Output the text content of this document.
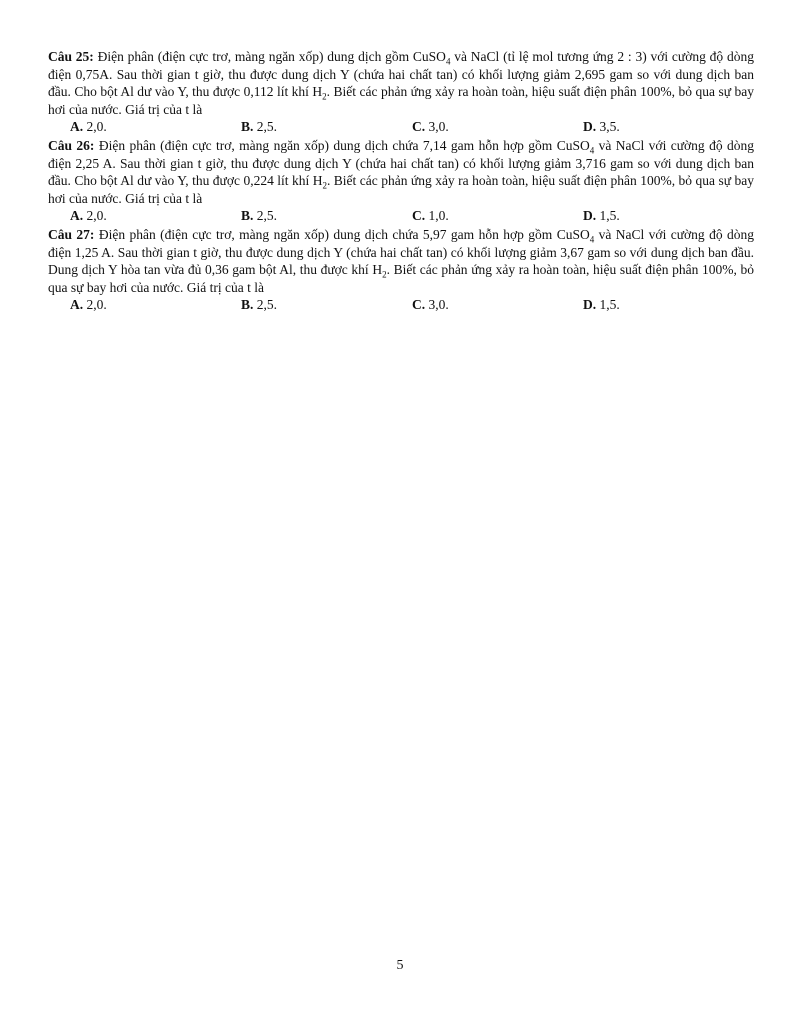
Câu 25: Điện phân (điện cực trơ, màng ngăn xốp) dung dịch gồm CuSO$_4$ và NaCl (tỉ lệ mol tương ứng 2 : 3) với cường độ dòng điện 0,75A. Sau thời gian t giờ, thu được dung dịch Y (chứa hai chất tan) có khối lượng giảm 2,695 gam so với dung dịch ban đầu. Cho bột Al dư vào Y, thu được 0,112 lít khí $H_2$. Biết các phản ứng xảy ra hoàn toàn, hiệu suất điện phân 100%, bỏ qua sự bay hơi của nước. Giá trị của t là

A. 2,0.	B. 2,5.	C. 3,0.	D. 3,5.

Câu 26: Điện phân (điện cực trơ, màng ngăn xốp) dung dịch chứa 7,14 gam hỗn hợp gồm CuSO$_4$ và NaCl với cường độ dòng điện 2,25 A. Sau thời gian t giờ, thu được dung dịch Y (chứa hai chất tan) có khối lượng giảm 3,716 gam so với dung dịch ban đầu. Cho bột Al dư vào Y, thu được 0,224 lít khí $H_2$. Biết các phản ứng xảy ra hoàn toàn, hiệu suất điện phân 100%, bỏ qua sự bay hơi của nước. Giá trị của t là

A. 2,0.	B. 2,5.	C. 1,0.	D. 1,5.

Câu 27: Điện phân (điện cực trơ, màng ngăn xốp) dung dịch chứa 5,97 gam hỗn hợp gồm CuSO$_4$ và NaCl với cường độ dòng điện 1,25 A. Sau thời gian t giờ, thu được dung dịch Y (chứa hai chất tan) có khối lượng giảm 3,67 gam so với dung dịch ban đầu. Dung dịch Y hòa tan vừa đủ 0,36 gam bột Al, thu được khí $H_2$. Biết các phản ứng xảy ra hoàn toàn, hiệu suất điện phân 100%, bỏ qua sự bay hơi của nước. Giá trị của t là

A. 2,0.	B. 2,5.	C. 3,0.	D. 1,5.
5
